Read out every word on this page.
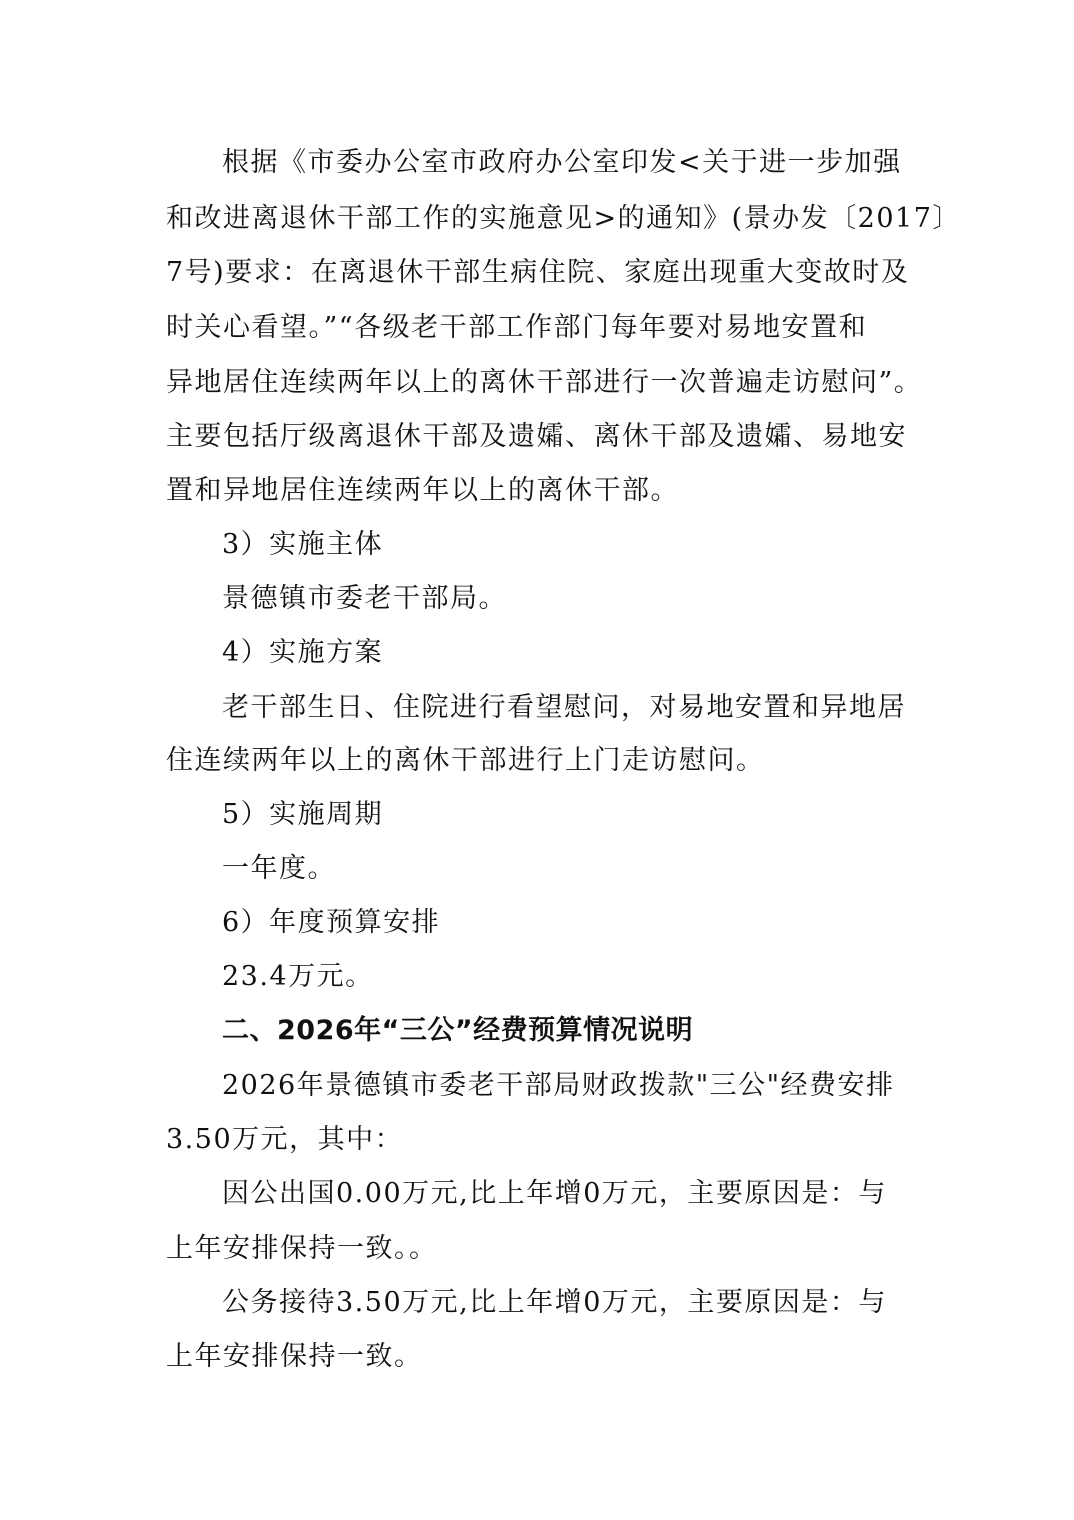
根据《市委办公室市政府办公室印发<关于进一步加强
和改进离退休干部工作的实施意见>的通知》(景办发〔2017〕
7号)要求：在离退休干部生病住院、家庭出现重大变故时及
时关心看望。”“各级老干部工作部门每年要对易地安置和
异地居住连续两年以上的离休干部进行一次普遍走访慰问”。
主要包括厅级离退休干部及遗孀、离休干部及遗孀、易地安
置和异地居住连续两年以上的离休干部。
3）实施主体
景德镇市委老干部局。
4）实施方案
老干部生日、住院进行看望慰问，对易地安置和异地居
住连续两年以上的离休干部进行上门走访慰问。
5）实施周期
一年度。
6）年度预算安排
23.4万元。
二、2026年“三公”经费预算情况说明
2026年景德镇市委老干部局财政拨款"三公"经费安排
3.50万元，其中：
因公出国0.00万元,比上年增0万元，主要原因是：与
上年安排保持一致。。
公务接待3.50万元,比上年增0万元，主要原因是：与
上年安排保持一致。
